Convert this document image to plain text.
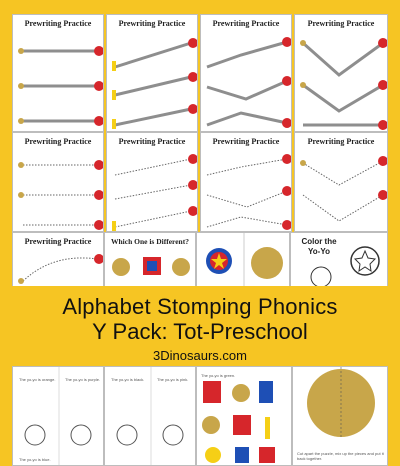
Prewriting Practice	Prewriting Practice	Prewriting Practice	Prewriting Practice
Prewriting Practice	Prewriting Practice	Prewriting Practice	Prewriting Practice
Prewriting Practice	Which One is Different?	Color the
Yo-Yo
Alphabet Stomping Phonics
Y Pack: Tot-Preschool
3Dinosaurs.com
The yo-yo is orange. The yo-yo is purple.
The yo-yo is blue.
The yo-yo is black.	The yo-yo is pink.
The yo-yo is green.
Cut apart the puzzle, mix up the pieces and put it back together.
